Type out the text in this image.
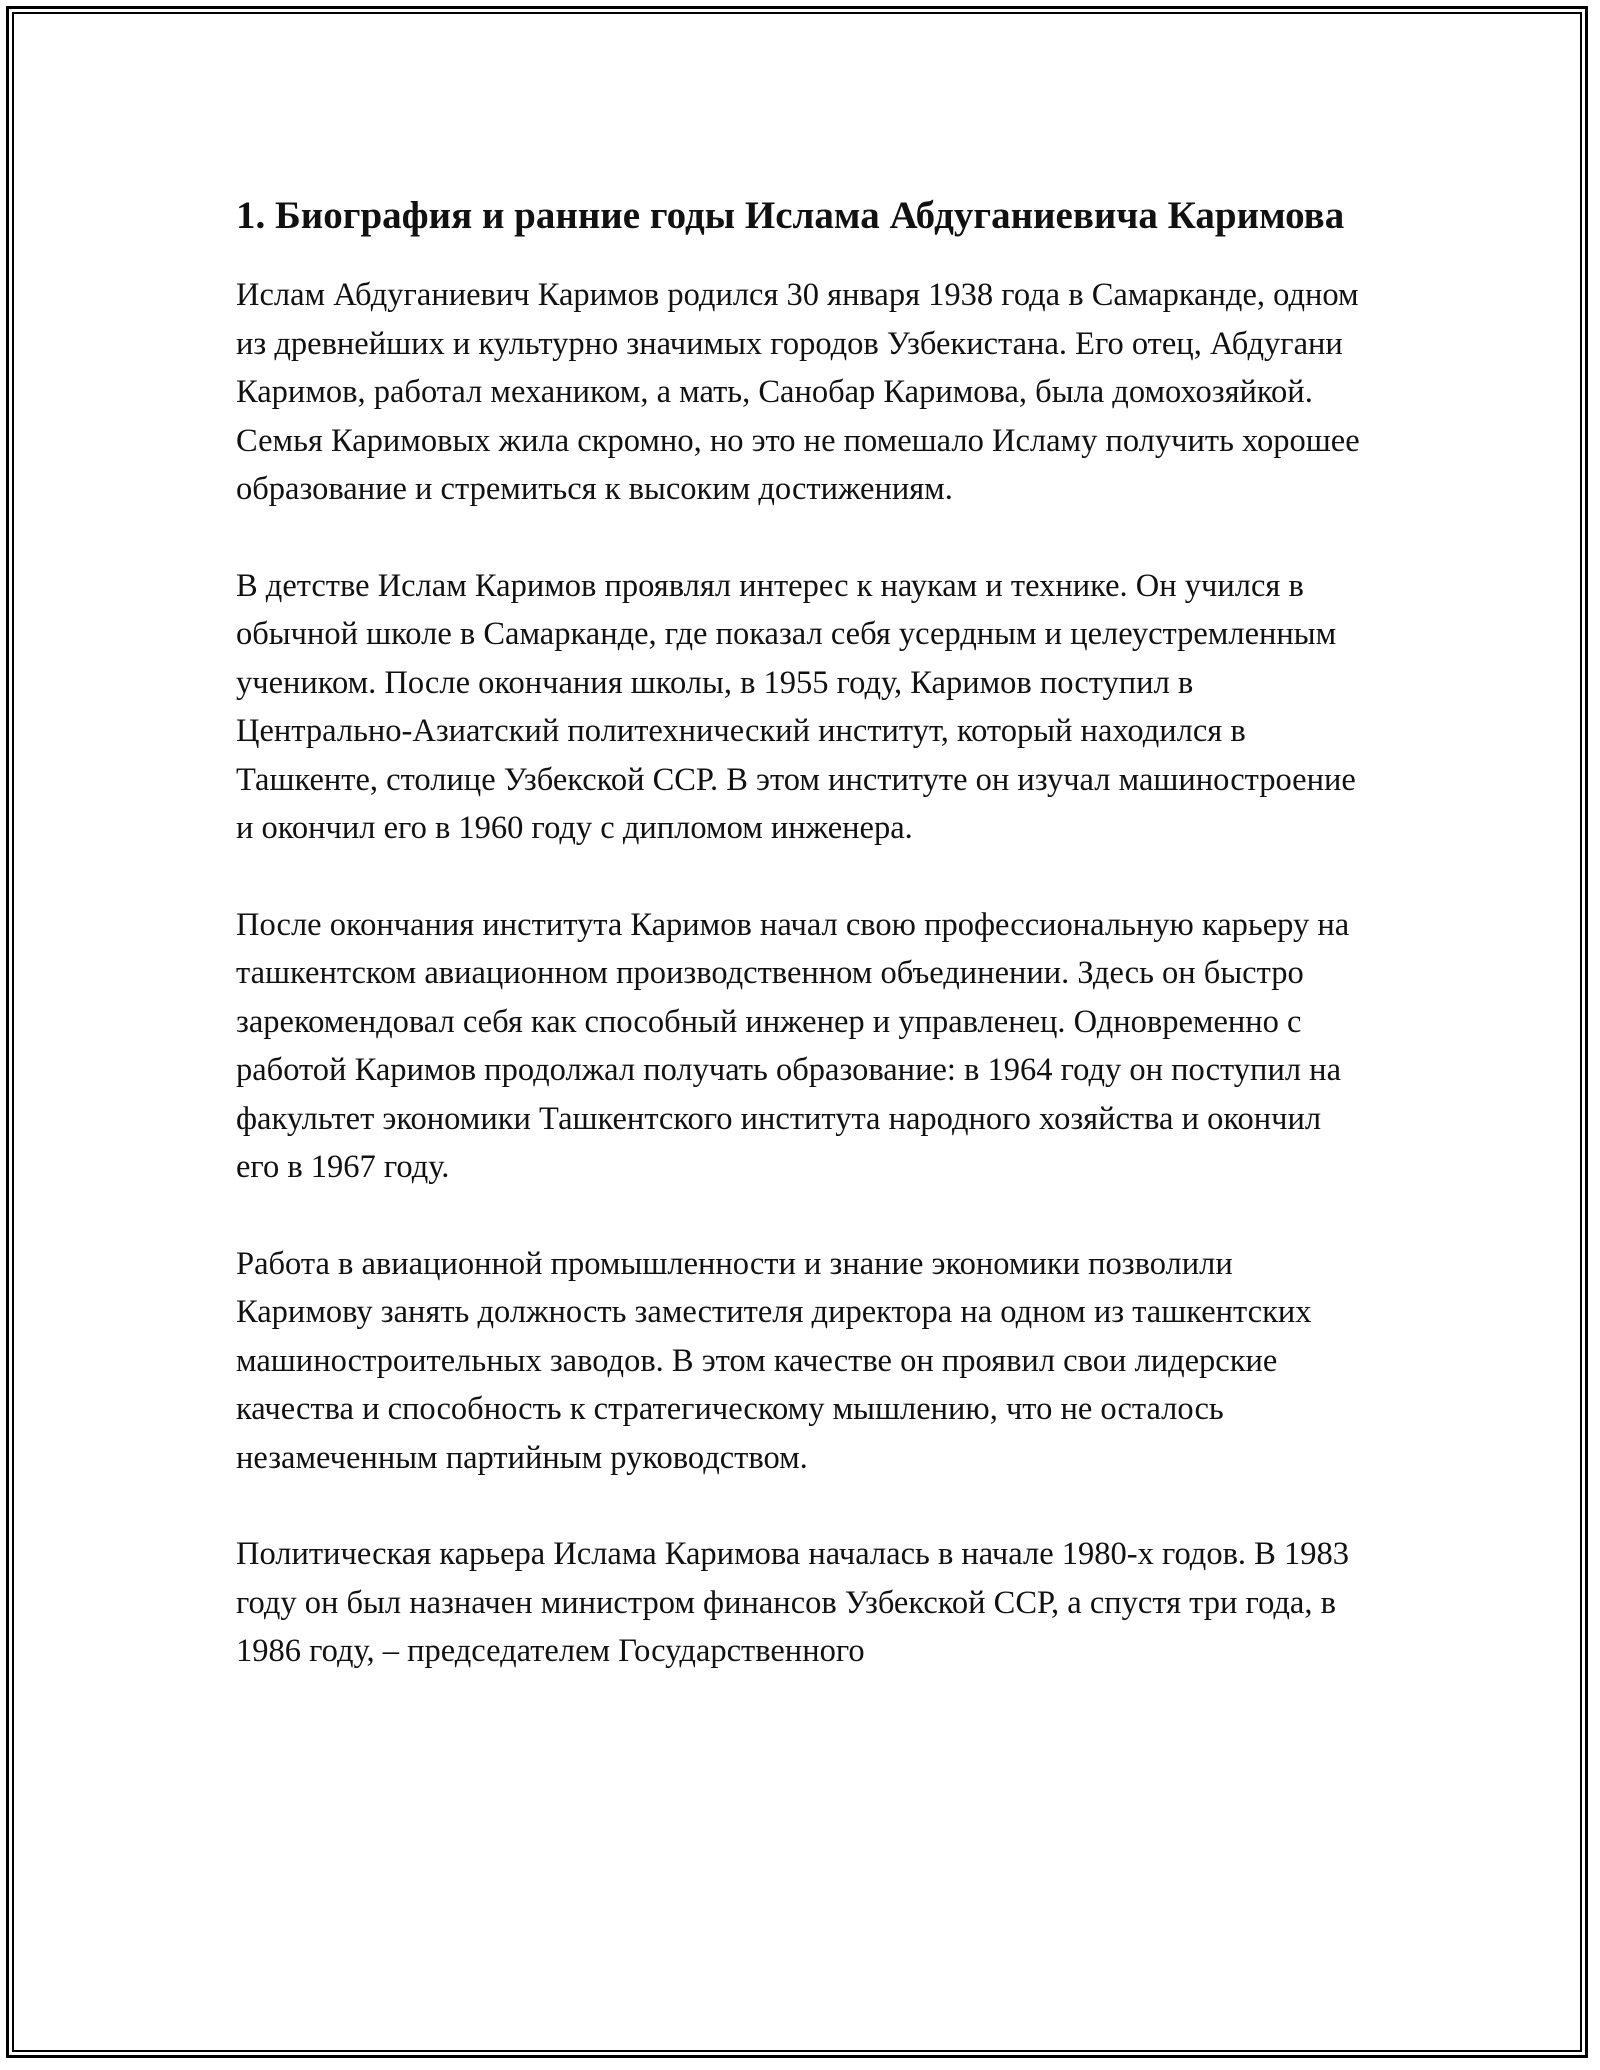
1. Биография и ранние годы Ислама Абдуганиевича Каримова

Ислам Абдуганиевич Каримов родился 30 января 1938 года в Самарканде, одном из древнейших и культурно значимых городов Узбекистана. Его отец, Абдугани Каримов, работал механиком, а мать, Санобар Каримова, была домохозяйкой. Семья Каримовых жила скромно, но это не помешало Исламу получить хорошее образование и стремиться к высоким достижениям.

В детстве Ислам Каримов проявлял интерес к наукам и технике. Он учился в обычной школе в Самарканде, где показал себя усердным и целеустремленным учеником. После окончания школы, в 1955 году, Каримов поступил в Центрально-Азиатский политехнический институт, который находился в Ташкенте, столице Узбекской ССР. В этом институте он изучал машиностроение и окончил его в 1960 году с дипломом инженера.

После окончания института Каримов начал свою профессиональную карьеру на ташкентском авиационном производственном объединении. Здесь он быстро зарекомендовал себя как способный инженер и управленец. Одновременно с работой Каримов продолжал получать образование: в 1964 году он поступил на факультет экономики Ташкентского института народного хозяйства и окончил его в 1967 году.

Работа в авиационной промышленности и знание экономики позволили Каримову занять должность заместителя директора на одном из ташкентских машиностроительных заводов. В этом качестве он проявил свои лидерские качества и способность к стратегическому мышлению, что не осталось незамеченным партийным руководством.

Политическая карьера Ислама Каримова началась в начале 1980-х годов. В 1983 году он был назначен министром финансов Узбекской ССР, а спустя три года, в 1986 году, – председателем Государственного
